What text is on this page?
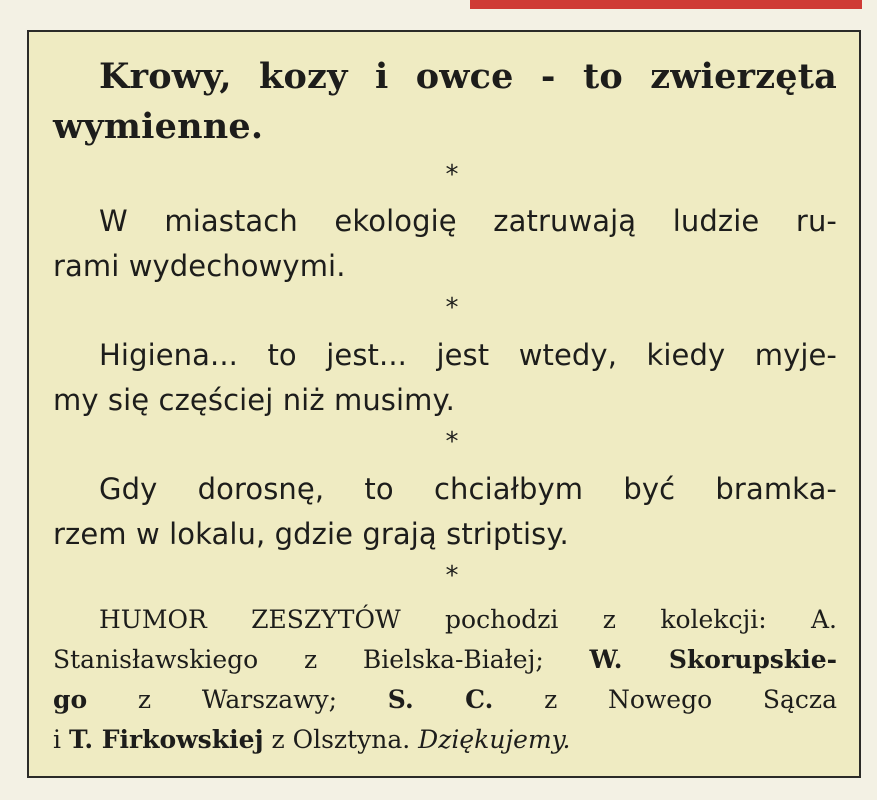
Krowy, kozy i owce - to zwierzęta
wymienne.
*
W miastach ekologię zatruwają ludzie ru-
rami wydechowymi.
*
Higiena... to jest... jest wtedy, kiedy myje-
my się częściej niż musimy.
*
Gdy dorosnę, to chciałbym być bramka-
rzem w lokalu, gdzie grają striptisy.
*
HUMOR ZESZYTÓW pochodzi z kolekcji: A.
Stanisławskiego z Bielska-Białej; W. Skorupskie-
go z Warszawy; S. C. z Nowego Sącza
i T. Firkowskiej z Olsztyna. Dziękujemy.
